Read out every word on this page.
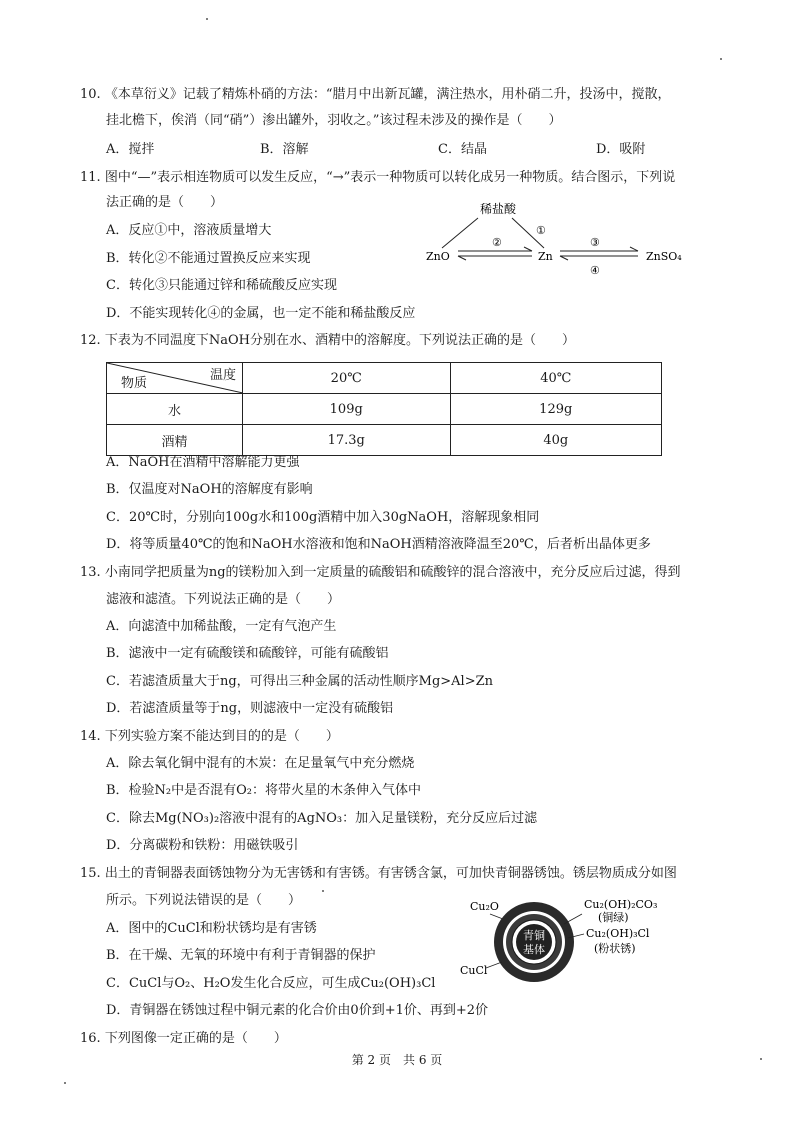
10. 《本草衍义》记载了精炼朴硝的方法：“腊月中出新瓦罐，满注热水，用朴硝二升，投汤中，搅散，
挂北檐下，俟消（同“硝”）渗出罐外，羽收之。”该过程未涉及的操作是（　　）
A．搅拌	B．溶解	C．结晶	D．吸附
11. 图中“—”表示相连物质可以发生反应，“→”表示一种物质可以转化成另一种物质。结合图示，下列说
法正确的是（　　）
A．反应①中，溶液质量增大
B．转化②不能通过置换反应来实现
C．转化③只能通过锌和稀硫酸反应实现
D．不能实现转化④的金属，也一定不能和稀盐酸反应
稀盐酸
①
ZnO	Zn	ZnSO₄
②	③
④
12. 下表为不同温度下NaOH分别在水、酒精中的溶解度。下列说法正确的是（　　）
温度
物质	20℃	40℃
水	109g	129g
酒精	17.3g	40g
A．NaOH在酒精中溶解能力更强
B．仅温度对NaOH的溶解度有影响
C．20℃时，分别向100g水和100g酒精中加入30gNaOH，溶解现象相同
D．将等质量40℃的饱和NaOH水溶液和饱和NaOH酒精溶液降温至20℃，后者析出晶体更多
13. 小南同学把质量为ng的镁粉加入到一定质量的硫酸铝和硫酸锌的混合溶液中，充分反应后过滤，得到
滤液和滤渣。下列说法正确的是（　　）
A．向滤渣中加稀盐酸，一定有气泡产生
B．滤液中一定有硫酸镁和硫酸锌，可能有硫酸铝
C．若滤渣质量大于ng，可得出三种金属的活动性顺序Mg>Al>Zn
D．若滤渣质量等于ng，则滤液中一定没有硫酸铝
14. 下列实验方案不能达到目的的是（　　）
A．除去氧化铜中混有的木炭：在足量氧气中充分燃烧
B．检验N₂中是否混有O₂：将带火星的木条伸入气体中
C．除去Mg(NO₃)₂溶液中混有的AgNO₃：加入足量镁粉，充分反应后过滤
D．分离碳粉和铁粉：用磁铁吸引
15. 出土的青铜器表面锈蚀物分为无害锈和有害锈。有害锈含氯，可加快青铜器锈蚀。锈层物质成分如图
所示。下列说法错误的是（　　）
A．图中的CuCl和粉状锈均是有害锈
B．在干燥、无氧的环境中有利于青铜器的保护
C．CuCl与O₂、H₂O发生化合反应，可生成Cu₂(OH)₃Cl
D．青铜器在锈蚀过程中铜元素的化合价由0价到+1价、再到+2价
Cu₂O
青铜
基体
CuCl
Cu₂(OH)₂CO₃
(铜绿)
Cu₂(OH)₃Cl
(粉状锈)
16. 下列图像一定正确的是（　　）
第 2 页　共 6 页
